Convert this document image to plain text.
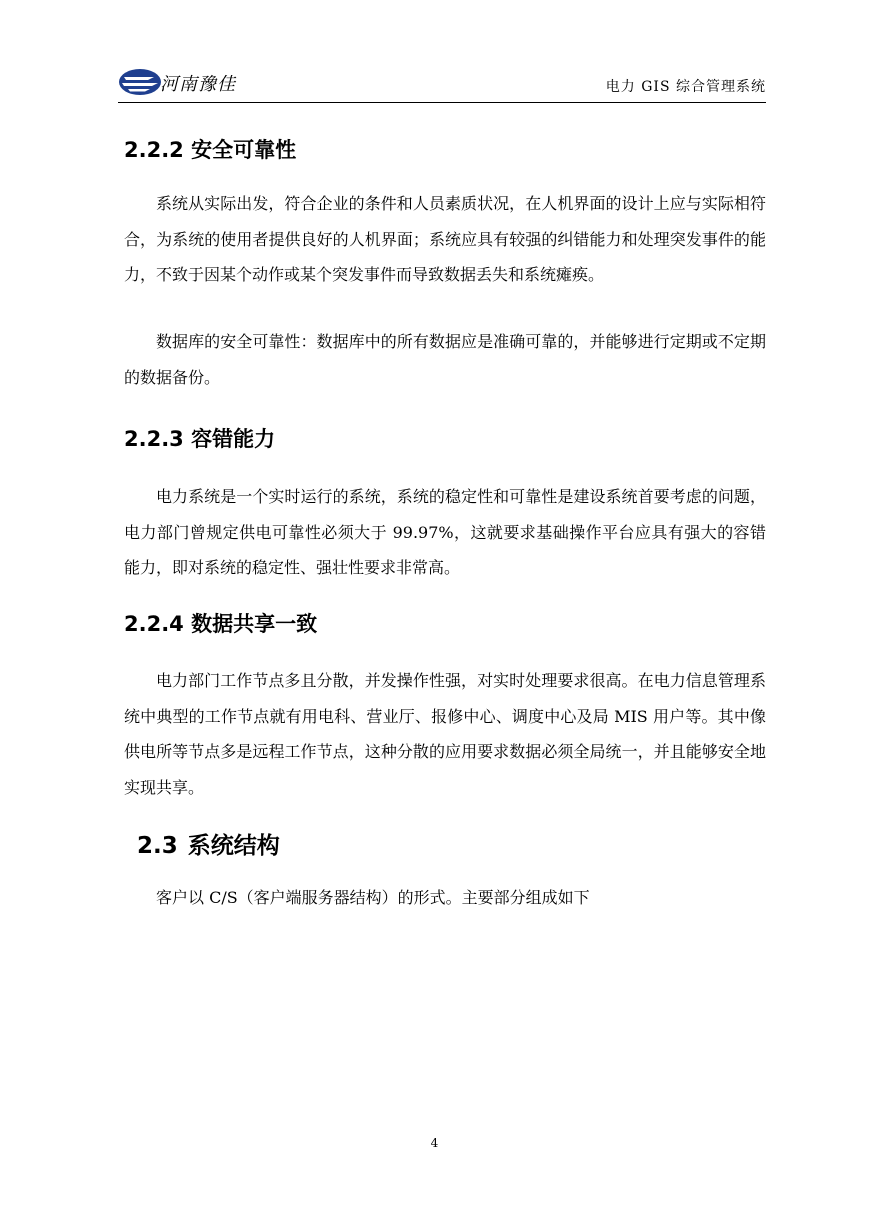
河南豫佳	电力 GIS 综合管理系统
2.2.2 安全可靠性

系统从实际出发，符合企业的条件和人员素质状况，在人机界面的设计上应与实际相符合，为系统的使用者提供良好的人机界面；系统应具有较强的纠错能力和处理突发事件的能力，不致于因某个动作或某个突发事件而导致数据丢失和系统瘫痪。

数据库的安全可靠性：数据库中的所有数据应是准确可靠的，并能够进行定期或不定期的数据备份。

2.2.3 容错能力

电力系统是一个实时运行的系统，系统的稳定性和可靠性是建设系统首要考虑的问题，电力部门曾规定供电可靠性必须大于 99.97%，这就要求基础操作平台应具有强大的容错能力，即对系统的稳定性、强壮性要求非常高。

2.2.4 数据共享一致

电力部门工作节点多且分散，并发操作性强，对实时处理要求很高。在电力信息管理系统中典型的工作节点就有用电科、营业厅、报修中心、调度中心及局 MIS 用户等。其中像供电所等节点多是远程工作节点，这种分散的应用要求数据必须全局统一，并且能够安全地实现共享。

2.3 系统结构

客户以 C/S（客户端服务器结构）的形式。主要部分组成如下

4
